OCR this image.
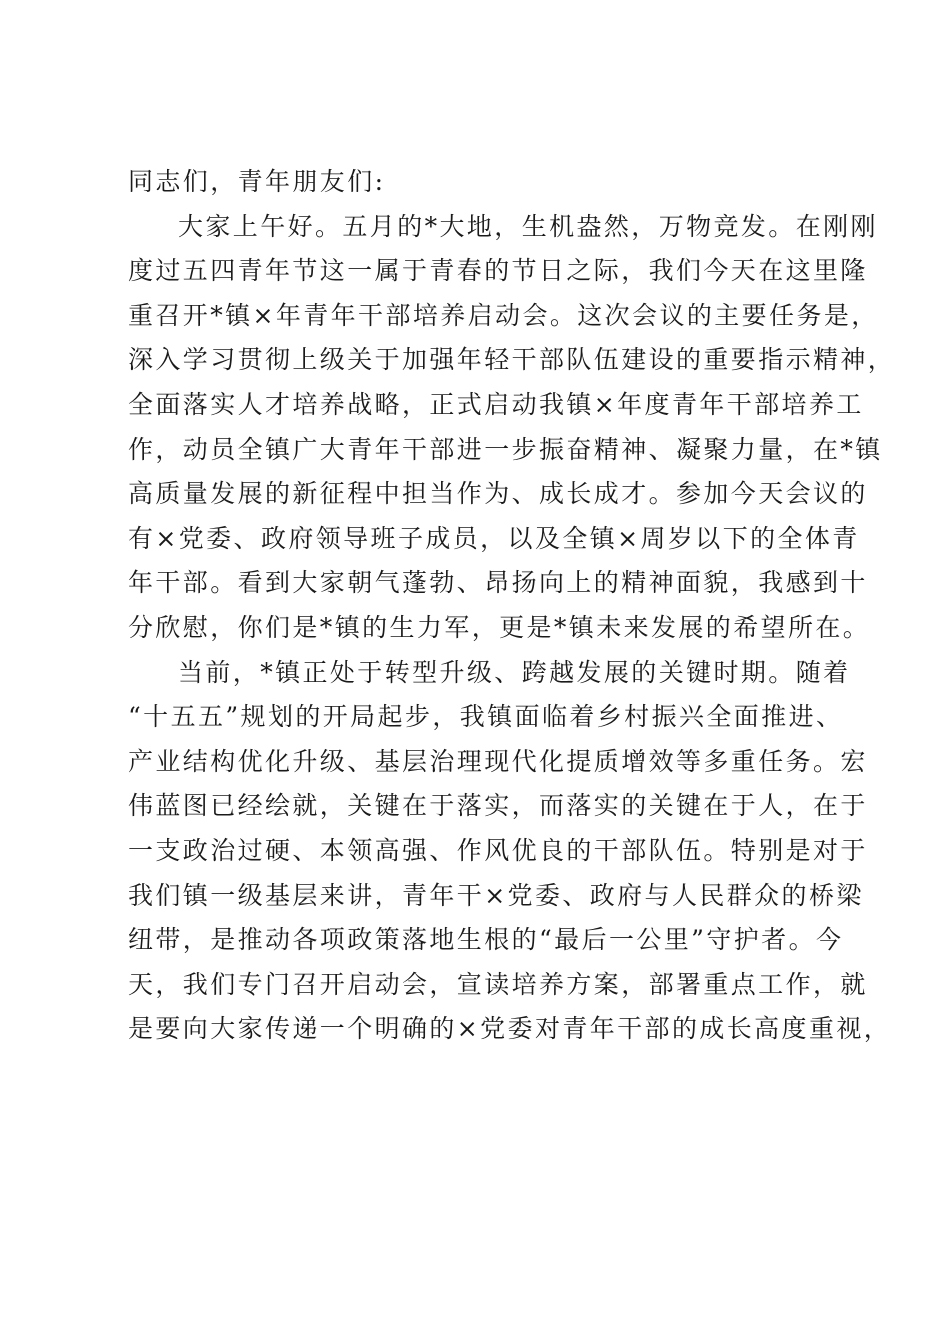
同志们，青年朋友们:

大家上午好。五月的*大地，生机盎然，万物竞发。在刚刚
度过五四青年节这一属于青春的节日之际，我们今天在这里隆
重召开*镇×年青年干部培养启动会。这次会议的主要任务是，
深入学习贯彻上级关于加强年轻干部队伍建设的重要指示精神，
全面落实人才培养战略，正式启动我镇×年度青年干部培养工
作，动员全镇广大青年干部进一步振奋精神、凝聚力量，在*镇
高质量发展的新征程中担当作为、成长成才。参加今天会议的
有×党委、政府领导班子成员，以及全镇×周岁以下的全体青
年干部。看到大家朝气蓬勃、昂扬向上的精神面貌，我感到十
分欣慰，你们是*镇的生力军，更是*镇未来发展的希望所在。

当前，*镇正处于转型升级、跨越发展的关键时期。随着
“十五五”规划的开局起步，我镇面临着乡村振兴全面推进、
产业结构优化升级、基层治理现代化提质增效等多重任务。宏
伟蓝图已经绘就，关键在于落实，而落实的关键在于人，在于
一支政治过硬、本领高强、作风优良的干部队伍。特别是对于
我们镇一级基层来讲，青年干×党委、政府与人民群众的桥梁
纽带，是推动各项政策落地生根的“最后一公里”守护者。今
天，我们专门召开启动会，宣读培养方案，部署重点工作，就
是要向大家传递一个明确的×党委对青年干部的成长高度重视，
